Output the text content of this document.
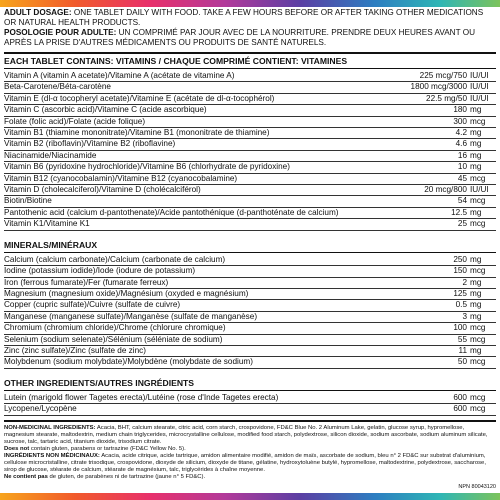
ADULT DOSAGE: ONE TABLET DAILY WITH FOOD. TAKE A FEW HOURS BEFORE OR AFTER TAKING OTHER MEDICATIONS OR NATURAL HEALTH PRODUCTS.
POSOLOGIE POUR ADULTE: UN COMPRIMÉ PAR JOUR AVEC DE LA NOURRITURE. PRENDRE DEUX HEURES AVANT OU APRÈS LA PRISE D'AUTRES MÉDICAMENTS OU PRODUITS DE SANTÉ NATURELS.
EACH TABLET CONTAINS: VITAMINS / CHAQUE COMPRIMÉ CONTIENT: VITAMINES
Vitamin A (vitamin A acetate)/Vitamine A (acétate de vitamine A)	225 mcg/750 IU/UI
Beta-Carotene/Béta-carotène	1800 mcg/3000 IU/UI
Vitamin E (dl-α tocopheryl acetate)/Vitamine E (acétate de dl-α-tocophérol)	22.5 mg/50 IU/UI
Vitamin C (ascorbic acid)/Vitamine C (acide ascorbique)	180 mg
Folate (folic acid)/Folate (acide folique)	300 mcg
Vitamin B1 (thiamine mononitrate)/Vitamine B1 (mononitrate de thiamine)	4.2 mg
Vitamin B2 (riboflavin)/Vitamine B2 (riboflavine)	4.6 mg
Niacinamide/Niacinamide	16 mg
Vitamin B6 (pyridoxine hydrochloride)/Vitamine B6 (chlorhydrate de pyridoxine)	10 mg
Vitamin B12 (cyanocobalamin)/Vitamine B12 (cyanocobalamine)	45 mcg
Vitamin D (cholecalciferol)/Vitamine D (cholécalciférol)	20 mcg/800 IU/UI
Biotin/Biotine	54 mcg
Pantothenic acid (calcium d-pantothenate)/Acide pantothénique (d-panthoténate de calcium)	12.5 mg
Vitamin K1/Vitamine K1	25 mcg
MINERALS/MINÉRAUX
Calcium (calcium carbonate)/Calcium (carbonate de calcium)	250 mg
Iodine (potassium iodide)/Iode (iodure de potassium)	150 mcg
Iron (ferrous fumarate)/Fer (fumarate ferreux)	2 mg
Magnesium (magnesium oxide)/Magnésium (oxyded e magnésium)	125 mg
Copper (cupric sulfate)/Cuivre (sulfate de cuivre)	0.5 mg
Manganese (manganese sulfate)/Manganèse (sulfate de manganèse)	3 mg
Chromium (chromium chloride)/Chrome (chlorure chromique)	100 mcg
Selenium (sodium selenate)/Sélénium (séléniate de sodium)	55 mcg
Zinc (zinc sulfate)/Zinc (sulfate de zinc)	11 mg
Molybdenum (sodium molybdate)/Molybdène (molybdate de sodium)	50 mcg
OTHER INGREDIENTS/AUTRES INGRÉDIENTS
Lutein (marigold flower Tagetes erecta)/Lutéine (rose d'Inde Tagetes erecta)	600 mcg
Lycopene/Lycopène	600 mcg
NON-MEDICINAL INGREDIENTS: Acacia, BHT, calcium stearate, citric acid, corn starch, crospovidone, FD&C Blue No. 2 Aluminum Lake, gelatin, glucose syrup, hypromellose, magnesium stearate, maltodextrin, medium chain triglycerides, microcrystalline cellulose, modified food starch, polydextrose, silicon dioxide, sodium ascorbate, sodium aluminum silicate, sucrose, talc, tartaric acid, titanium dioxide, trisodium citrate.
Does not contain gluten, parabens or tartrazine (FD&C Yellow No. 5).
INGRÉDIENTS NON MÉDICINAUX: Acacia, acide citrique, acide tartrique, amidon alimentaire modifié, amidon de maïs, ascorbate de sodium, bleu n° 2 FD&C sur substrat d'aluminium, cellulose microcristalline, citrate trisodique, crospovidone, dioxyde de silicium, dioxyde de titane, gélatine, hydroxytoluène butylé, hypromellose, maltodextrine, polydextrose, saccharose, sirop de glucose, stéarate de calcium, stéarate de magnésium, talc, triglycérides à chaîne moyenne.
Ne contient pas de gluten, de parabènes ni de tartrazine (jaune n° 5 FD&C).
NPN 80043120
